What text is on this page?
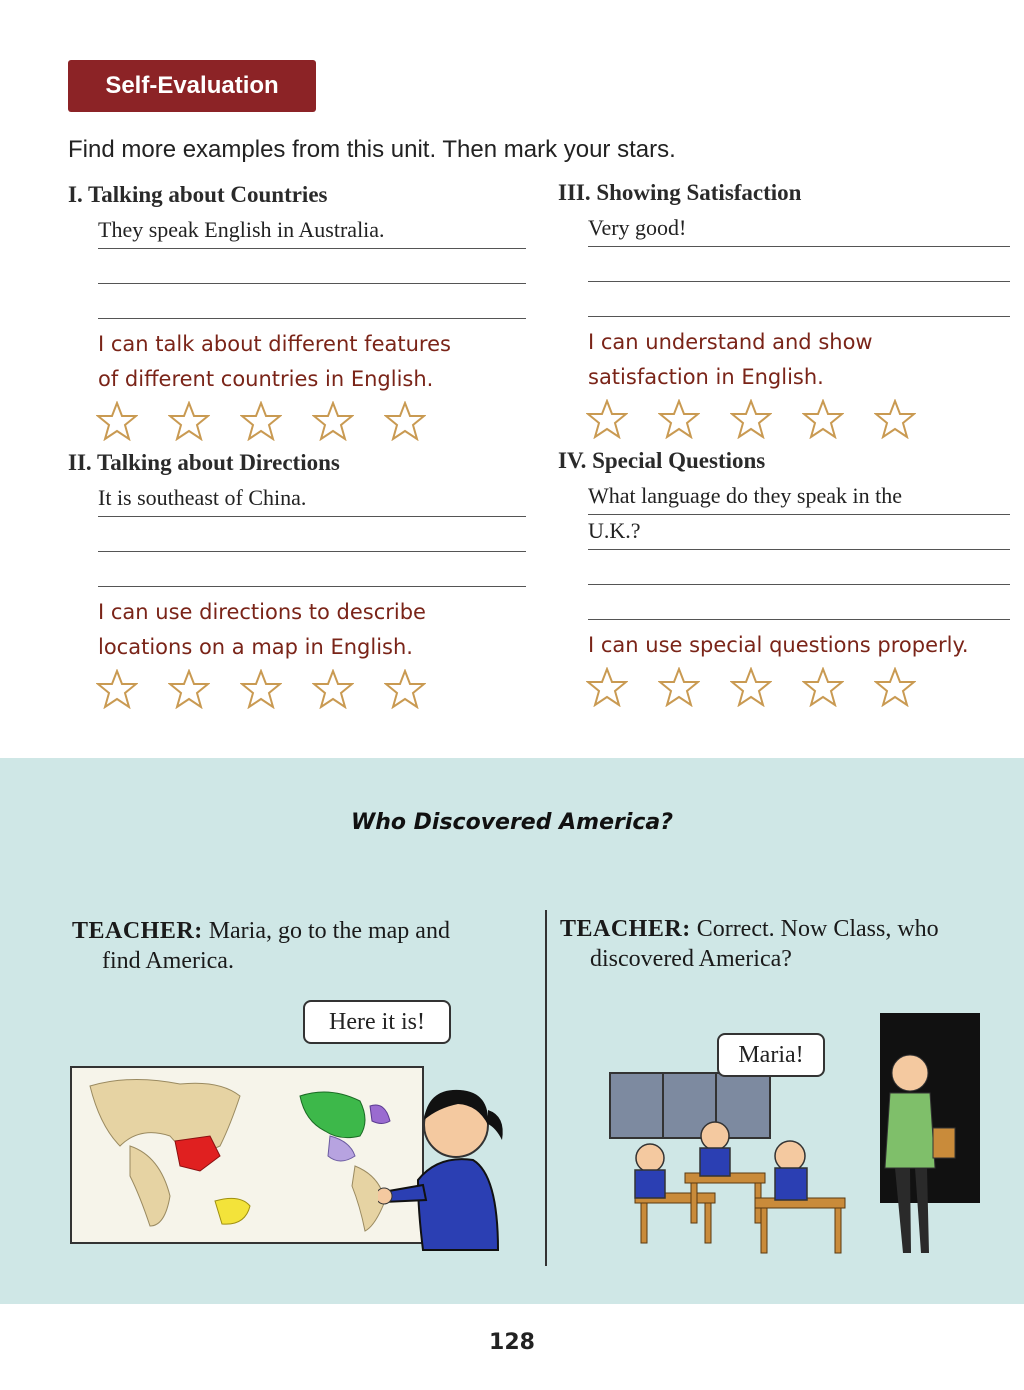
Self-Evaluation
Find more examples from this unit. Then mark your stars.
I. Talking about Countries
They speak English in Australia.
I can talk about different features
of different countries in English.
III. Showing Satisfaction
Very good!
I can understand and show
satisfaction in English.
II. Talking about Directions
It is southeast of China.
I can use directions to describe
locations on a map in English.
IV. Special Questions
What language do they speak in the
U.K.?
I can use special questions properly.
Who Discovered America?
TEACHER: Maria, go to the map and
find America.
TEACHER: Correct. Now Class, who
discovered America?
Here it is!
Maria!
128
